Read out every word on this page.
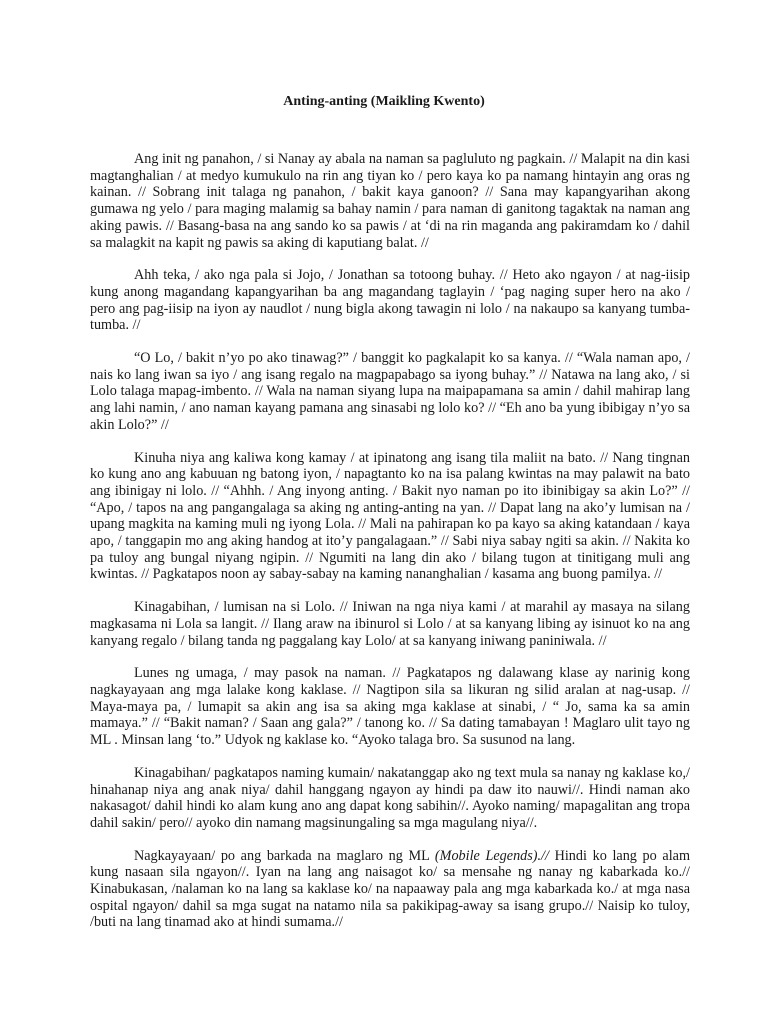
Anting-anting (Maikling Kwento)

Ang init ng panahon, / si Nanay ay abala na naman sa pagluluto ng pagkain. // Malapit na din kasi magtanghalian / at medyo kumukulo na rin ang tiyan ko / pero kaya ko pa namang hintayin ang oras ng kainan. // Sobrang init talaga ng panahon, / bakit kaya ganoon? // Sana may kapangyarihan akong gumawa ng yelo / para maging malamig sa bahay namin / para naman di ganitong tagaktak na naman ang aking pawis. // Basang-basa na ang sando ko sa pawis / at ‘di na rin maganda ang pakiramdam ko / dahil sa malagkit na kapit ng pawis sa aking di kaputiang balat. //

Ahh teka, / ako nga pala si Jojo, / Jonathan sa totoong buhay. // Heto ako ngayon / at nag-iisip kung anong magandang kapangyarihan ba ang magandang taglayin / ‘pag naging super hero na ako / pero ang pag-iisip na iyon ay naudlot / nung bigla akong tawagin ni lolo / na nakaupo sa kanyang tumba-tumba. //

“O Lo, / bakit n’yo po ako tinawag?” / banggit ko pagkalapit ko sa kanya. // “Wala naman apo, / nais ko lang iwan sa iyo / ang isang regalo na magpapabago sa iyong buhay.” // Natawa na lang ako, / si Lolo talaga mapag-imbento. // Wala na naman siyang lupa na maipapamana sa amin / dahil mahirap lang ang lahi namin, / ano naman kayang pamana ang sinasabi ng lolo ko? // “Eh ano ba yung ibibigay n’yo sa akin Lolo?” //

Kinuha niya ang kaliwa kong kamay / at ipinatong ang isang tila maliit na bato. // Nang tingnan ko kung ano ang kabuuan ng batong iyon, / napagtanto ko na isa palang kwintas na may palawit na bato ang ibinigay ni lolo. // “Ahhh. / Ang inyong anting. / Bakit nyo naman po ito ibinibigay sa akin Lo?” // “Apo, / tapos na ang pangangalaga sa aking ng anting-anting na yan. // Dapat lang na ako’y lumisan na / upang magkita na kaming muli ng iyong Lola. // Mali na pahirapan ko pa kayo sa aking katandaan / kaya apo, / tanggapin mo ang aking handog at ito’y pangalagaan.” // Sabi niya sabay ngiti sa akin. // Nakita ko pa tuloy ang bungal niyang ngipin. // Ngumiti na lang din ako / bilang tugon at tinitigang muli ang kwintas. // Pagkatapos noon ay sabay-sabay na kaming nananghalian / kasama ang buong pamilya. //

Kinagabihan, / lumisan na si Lolo. // Iniwan na nga niya kami / at marahil ay masaya na silang magkasama ni Lola sa langit. // Ilang araw na ibinurol si Lolo / at sa kanyang libing ay isinuot ko na ang kanyang regalo / bilang tanda ng paggalang kay Lolo/ at sa kanyang iniwang paniniwala. //

Lunes ng umaga, / may pasok na naman. // Pagkatapos ng dalawang klase ay narinig kong nagkayayaan ang mga lalake kong kaklase. // Nagtipon sila sa likuran ng silid aralan at nag-usap. // Maya-maya pa, / lumapit sa akin ang isa sa aking mga kaklase at sinabi, / “ Jo, sama ka sa amin mamaya.” // “Bakit naman? / Saan ang gala?” / tanong ko. // Sa dating tamabayan ! Maglaro ulit tayo ng ML . Minsan lang ‘to.” Udyok ng kaklase ko. “Ayoko talaga bro. Sa susunod na lang.

Kinagabihan/ pagkatapos naming kumain/ nakatanggap ako ng text mula sa nanay ng kaklase ko,/ hinahanap niya ang anak niya/ dahil hanggang ngayon ay hindi pa daw ito nauwi//. Hindi naman ako nakasagot/ dahil hindi ko alam kung ano ang dapat kong sabihin//. Ayoko naming/ mapagalitan ang tropa dahil sakin/ pero// ayoko din namang magsinungaling sa mga magulang niya//.

Nagkayayaan/ po ang barkada na maglaro ng ML (Mobile Legends).// Hindi ko lang po alam kung nasaan sila ngayon//. Iyan na lang ang naisagot ko/ sa mensahe ng nanay ng kabarkada ko.// Kinabukasan, /nalaman ko na lang sa kaklase ko/ na napaaway pala ang mga kabarkada ko./ at mga nasa ospital ngayon/ dahil sa mga sugat na natamo nila sa pakikipag-away sa isang grupo.// Naisip ko tuloy, /buti na lang tinamad ako at hindi sumama.//
